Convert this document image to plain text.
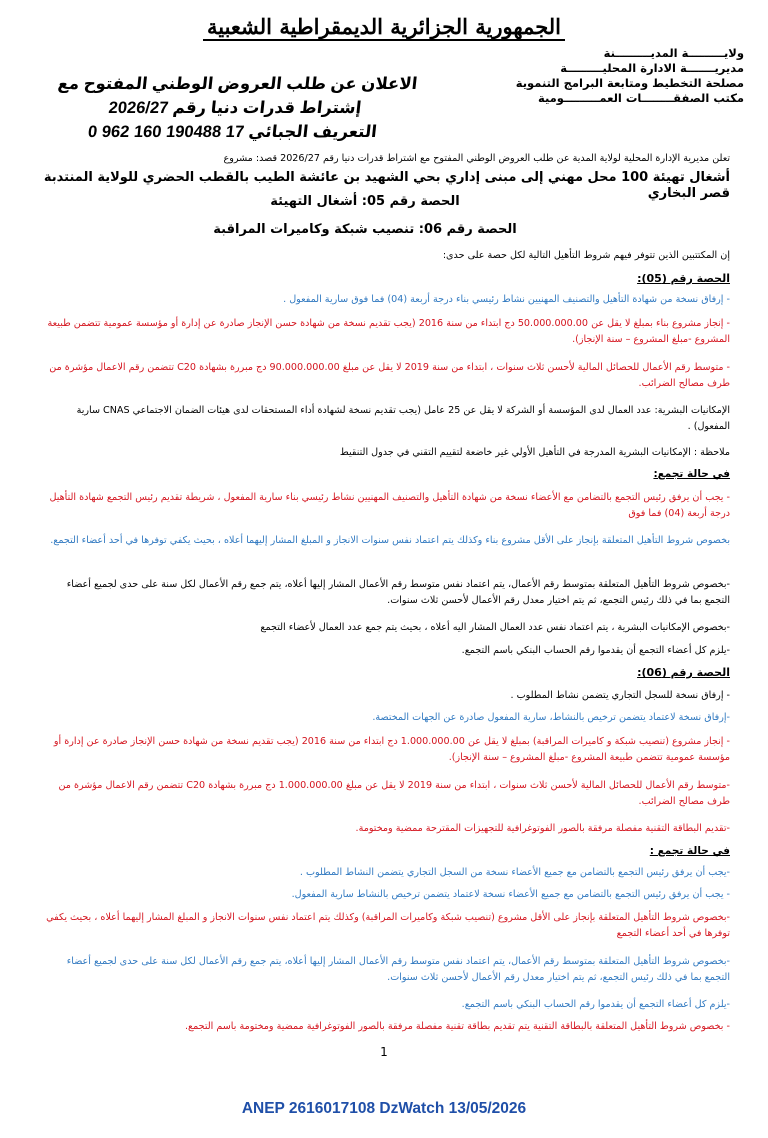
الجمهورية الجزائرية الديمقراطية الشعبية
ولايـــــــــة المديـــــــــنة
مديريـــــــة الادارة المحليـــــــــة
مصلحة التخطيط ومتابعة البرامج التنموية
مكتب الصفقــــــــات العمـــــــــومية
الاعلان عن طلب العروض الوطني المفتوح مع إشتراط قدرات دنيا رقم 2026/27
التعريف الجبائي 17 190488 160 962 0
تعلن مديرية الإدارة المحلية لولاية المدية عن طلب العروض الوطني المفتوح مع اشتراط قدرات دنيا رقم 2026/27 قصد: مشروع
أشغال تهيئة 100 محل مهني إلى مبنى إداري بحي الشهيد بن عائشة الطيب بالقطب الحضري للولاية المنتدبة قصر البخاري
الحصة رقم 05: أشغال التهيئة
الحصة رقم 06: تنصيب شبكة وكاميرات المراقبة
إن المكتتبين الذين تتوفر فيهم شروط التأهيل التالية لكل حصة على حدى:
الحصة رقم (05):
- إرفاق نسخة من شهادة التأهيل والتصنيف المهنيين نشاط رئيسي بناء درجة أربعة (04) فما فوق سارية المفعول .
- إنجاز مشروع بناء بمبلغ لا يقل عن 50.000.000.00 دج ابتداء من سنة 2016 (يجب تقديم نسخة من شهادة حسن الإنجاز صادرة عن إدارة أو مؤسسة عمومية تتضمن طبيعة المشروع -مبلغ المشروع – سنة الإنجاز).
- متوسط رقم الأعمال للحصائل المالية لأحسن ثلاث سنوات ، ابتداء من سنة 2019 لا يقل عن مبلغ 90.000.000.00 دج مبررة بشهادة C20 تتضمن رقم الاعمال مؤشرة من طرف مصالح الضرائب.
الإمكانيات البشرية: عدد العمال لدى المؤسسة أو الشركة لا يقل عن 25 عامل (يجب تقديم نسخة لشهادة أداء المستحقات لدى هيئات الضمان الاجتماعي CNAS سارية المفعول) .
ملاحظة : الإمكانيات البشرية المدرجة في التأهيل الأولي غير خاضعة لتقييم التقني في جدول التنقيط
في حالة تجمع:
- يجب أن يرفق رئيس التجمع بالتضامن مع الأعضاء نسخة من شهادة التأهيل والتصنيف المهنيين نشاط رئيسي بناء سارية المفعول ، شريطة تقديم رئيس التجمع شهادة التأهيل درجة أربعة (04) فما فوق
بخصوص شروط التأهيل المتعلقة بإنجاز على الأقل مشروع بناء وكذلك يتم اعتماد نفس سنوات الانجاز و المبلغ المشار إليهما أعلاه ، بحيث يكفي توفرها في أحد أعضاء التجمع.
-بخصوص شروط التأهيل المتعلقة بمتوسط رقم الأعمال، يتم اعتماد نفس متوسط رقم الأعمال المشار إليها أعلاه، يتم جمع رقم الأعمال لكل سنة على حدى لجميع أعضاء التجمع بما في ذلك رئيس التجمع، ثم يتم اختيار معدل رقم الأعمال لأحسن ثلاث سنوات.
-بخصوص الإمكانيات البشرية ، يتم اعتماد نفس عدد العمال المشار اليه أعلاه ، بحيث يتم جمع عدد العمال لأعضاء التجمع
-يلزم كل أعضاء التجمع أن يقدموا رقم الحساب البنكي باسم التجمع.
الحصة رقم (06):
- إرفاق نسخة للسجل التجاري يتضمن نشاط المطلوب .
-إرفاق نسخة لاعتماد يتضمن ترخيص بالنشاط، سارية المفعول صادرة عن الجهات المختصة.
- إنجاز مشروع (تنصيب شبكة و كاميرات المراقبة) بمبلغ لا يقل عن 1.000.000.00 دج ابتداء من سنة 2016 (يجب تقديم نسخة من شهادة حسن الإنجاز صادرة عن إدارة أو مؤسسة عمومية تتضمن طبيعة المشروع -مبلغ المشروع – سنة الإنجاز).
-متوسط رقم الأعمال للحصائل المالية لأحسن ثلاث سنوات ، ابتداء من سنة 2019 لا يقل عن مبلغ 1.000.000.00 دج مبررة بشهادة C20 تتضمن رقم الاعمال مؤشرة من طرف مصالح الضرائب.
-تقديم البطاقة التقنية مفصلة مرفقة بالصور الفوتوغرافية للتجهيزات المقترحة ممضية ومختومة.
في حالة تجمع :
-يجب أن يرفق رئيس التجمع بالتضامن مع جميع الأعضاء نسخة من السجل التجاري يتضمن النشاط المطلوب .
- يجب أن يرفق رئيس التجمع بالتضامن مع جميع الأعضاء نسخة لاعتماد يتضمن ترخيص بالنشاط سارية المفعول.
-بخصوص شروط التأهيل المتعلقة بإنجاز على الأقل مشروع (تنصيب شبكة وكاميرات المراقبة) وكذلك يتم اعتماد نفس سنوات الانجاز و المبلغ المشار إليهما أعلاه ، بحيث يكفي توفرها في أحد أعضاء التجمع
-بخصوص شروط التأهيل المتعلقة بمتوسط رقم الأعمال، يتم اعتماد نفس متوسط رقم الأعمال المشار إليها أعلاه، يتم جمع رقم الأعمال لكل سنة على حدى لجميع أعضاء التجمع بما في ذلك رئيس التجمع، ثم يتم اختيار معدل رقم الأعمال لأحسن ثلاث سنوات.
-يلزم كل أعضاء التجمع أن يقدموا رقم الحساب البنكي باسم التجمع.
- بخصوص شروط التأهيل المتعلقة بالبطاقة التقنية يتم تقديم بطاقة تقنية مفصلة مرفقة بالصور الفوتوغرافية ممضية ومختومة باسم التجمع.
1
ANEP 2616017108 DzWatch 13/05/2026
